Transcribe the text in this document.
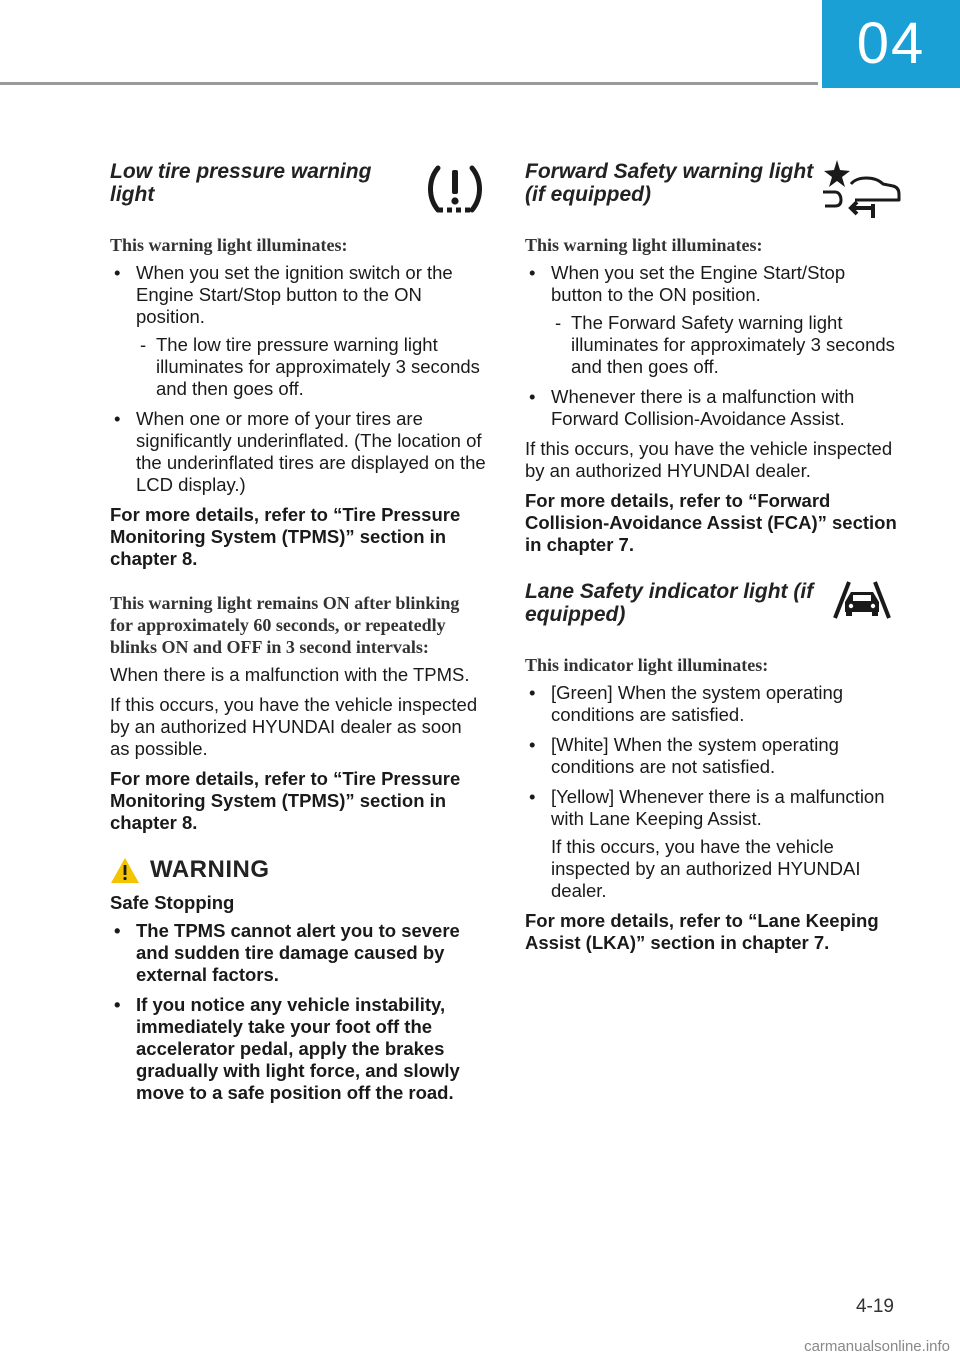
04
Low tire pressure warning light
This warning light illuminates:
• When you set the ignition switch or the Engine Start/Stop button to the ON position.
- The low tire pressure warning light illuminates for approximately 3 seconds and then goes off.
• When one or more of your tires are significantly underinflated. (The location of the underinflated tires are displayed on the LCD display.)

For more details, refer to “Tire Pressure Monitoring System (TPMS)” section in chapter 8.

This warning light remains ON after blinking for approximately 60 seconds, or repeatedly blinks ON and OFF in 3 second intervals:

When there is a malfunction with the TPMS.

If this occurs, you have the vehicle inspected by an authorized HYUNDAI dealer as soon as possible.

For more details, refer to “Tire Pressure Monitoring System (TPMS)” section in chapter 8.

WARNING
Safe Stopping
• The TPMS cannot alert you to severe and sudden tire damage caused by external factors.
• If you notice any vehicle instability, immediately take your foot off the accelerator pedal, apply the brakes gradually with light force, and slowly move to a safe position off the road.
Forward Safety warning light (if equipped)
This warning light illuminates:
• When you set the Engine Start/Stop button to the ON position.
- The Forward Safety warning light illuminates for approximately 3 seconds and then goes off.
• Whenever there is a malfunction with Forward Collision-Avoidance Assist.

If this occurs, you have the vehicle inspected by an authorized HYUNDAI dealer.

For more details, refer to “Forward Collision-Avoidance Assist (FCA)” section in chapter 7.

Lane Safety indicator light (if equipped)
This indicator light illuminates:
• [Green] When the system operating conditions are satisfied.
• [White] When the system operating conditions are not satisfied.
• [Yellow] Whenever there is a malfunction with Lane Keeping Assist.
If this occurs, you have the vehicle inspected by an authorized HYUNDAI dealer.

For more details, refer to “Lane Keeping Assist (LKA)” section in chapter 7.

4-19
carmanualsonline.info
